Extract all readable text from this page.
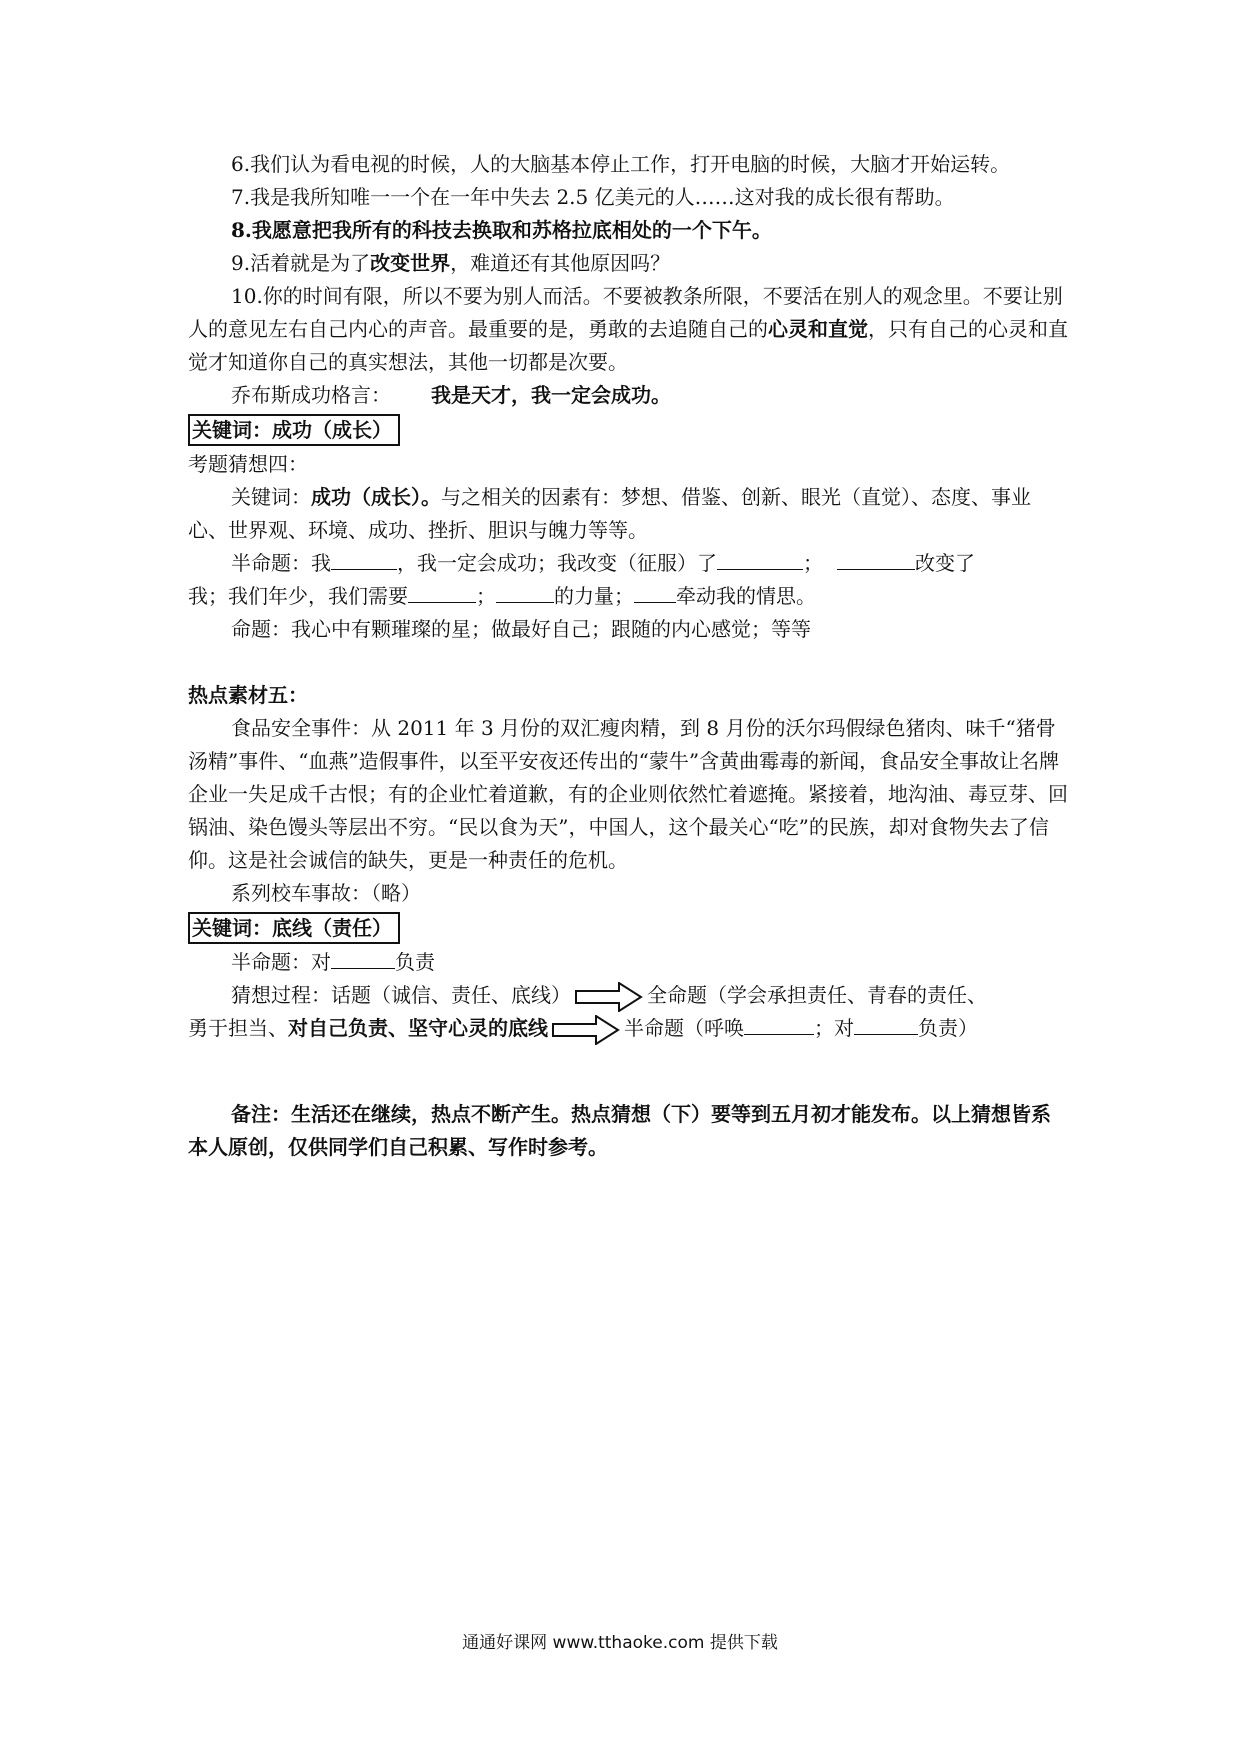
6.我们认为看电视的时候，人的大脑基本停止工作，打开电脑的时候，大脑才开始运转。

7.我是我所知唯一一个在一年中失去 2.5 亿美元的人……这对我的成长很有帮助。

8.我愿意把我所有的科技去换取和苏格拉底相处的一个下午。

9.活着就是为了改变世界，难道还有其他原因吗？

10.你的时间有限，所以不要为别人而活。不要被教条所限，不要活在别人的观念里。不要让别人的意见左右自己内心的声音。最重要的是，勇敢的去追随自己的心灵和直觉，只有自己的心灵和直觉才知道你自己的真实想法，其他一切都是次要。

乔布斯成功格言： 我是天才，我一定会成功。

关键词：成功（成长）

考题猜想四：

关键词：成功（成长）。与之相关的因素有：梦想、借鉴、创新、眼光（直觉）、态度、事业心、世界观、环境、成功、挫折、胆识与魄力等等。

半命题：我	，我一定会成功；我改变（征服）了	；	改变了

我；我们年少，我们需要	；	的力量； 牵动我的情思。

命题：我心中有颗璀璨的星；做最好自己；跟随的内心感觉；等等

热点素材五：

食品安全事件：从 2011 年 3 月份的双汇瘦肉精，到 8 月份的沃尔玛假绿色猪肉、味千“猪骨汤精”事件、“血燕”造假事件，以至平安夜还传出的“蒙牛”含黄曲霉毒的新闻，食品安全事故让名牌企业一失足成千古恨；有的企业忙着道歉，有的企业则依然忙着遮掩。紧接着，地沟油、毒豆芽、回锅油、染色馒头等层出不穷。“民以食为天”，中国人，这个最关心“吃”的民族，却对食物失去了信仰。这是社会诚信的缺失，更是一种责任的危机。

系列校车事故：（略）

关键词：底线（责任）

半命题：对	负责

猜想过程：话题（诚信、责任、底线）	全命题（学会承担责任、青春的责任、

勇于担当、对自己负责、坚守心灵的底线	半命题（呼唤	；对	负责）

备注：生活还在继续，热点不断产生。热点猜想（下）要等到五月初才能发布。以上猜想皆系本人原创，仅供同学们自己积累、写作时参考。

通通好课网 www.tthaoke.com 提供下载
